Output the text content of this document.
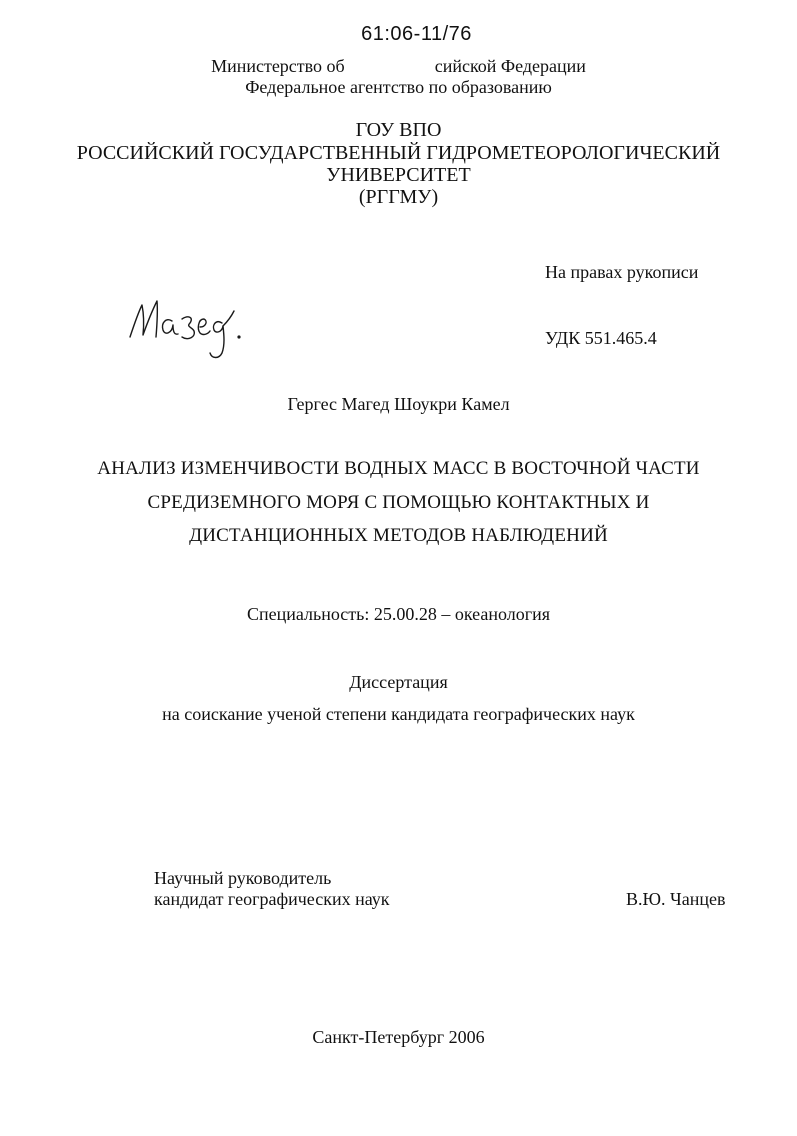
61:06-11/76
Министерство об                    сийской Федерации
Федеральное агентство по образованию
ГОУ ВПО
РОССИЙСКИЙ ГОСУДАРСТВЕННЫЙ ГИДРОМЕТЕОРОЛОГИЧЕСКИЙ
УНИВЕРСИТЕТ
(РГГМУ)
На правах рукописи
УДК 551.465.4
Гергес Магед Шоукри Камел
АНАЛИЗ ИЗМЕНЧИВОСТИ ВОДНЫХ МАСС В ВОСТОЧНОЙ ЧАСТИ
СРЕДИЗЕМНОГО МОРЯ С ПОМОЩЬЮ КОНТАКТНЫХ И
ДИСТАНЦИОННЫХ МЕТОДОВ НАБЛЮДЕНИЙ
Специальность: 25.00.28 – океанология
Диссертация
на соискание ученой степени кандидата географических наук
Научный руководитель
кандидат географических наук	В.Ю. Чанцев
Санкт-Петербург 2006
